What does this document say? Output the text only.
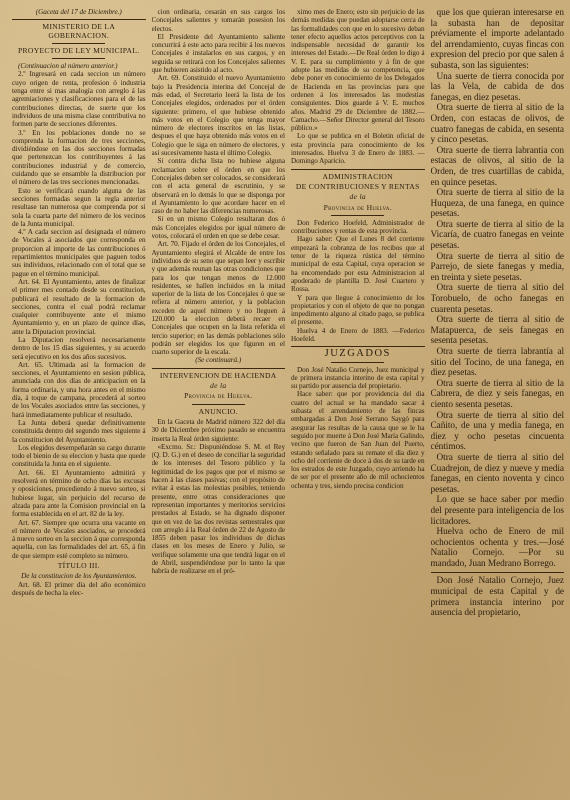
(Gaceta del 17 de Diciembre.)
MINISTERIO DE LA GOBERNACION.
PROYECTO DE LEY MUNICIPAL.

(Continuacion al número anterior.)

2.º Ingresará en cada seccion un número cuyo origen de renta, profesion ó industria tenga entre si mas analogía con arreglo á las agremiaciones y clasificaciones para el de las contribuciones directas, de suerte que los individuos de una misma clase contributiva no formen parte de secciones diferentes.

3.º En los poblaciones donde no se comprenda la formacion de tres secciones, dividiéndose en las dos secciones formadas que pertenezcan los contribuyentes á las contribuciones industrial y de comercio, cuidando que se ensamble la distribucion por el número de las tres secciones mencionadas.

Esto se verificará cuando alguna de las secciones formadas segun la regla anterior resultase tan numerosa que comprenda por si sola la cuarta parte del número de los vecinos de la Junta municipal.

4.º A cada seccion así designada el número de Vocales á asociados que corresponda en proporcion al importe de las contribuciones ó repartimientos municipales que paguen todos sus individuos, relacionado con el total que se pague en el término municipal.

Art. 64. El Ayuntamiento, antes de finalizar el primer mes contado desde su constitucion, publicará el resultado de la formacion de secciones, contra el cual podrá reclamar cualquier contribuyente ante el mismo Ayuntamiento y, en un plazo de quince días, ante la Diputacion provincial.

La Diputacion resolverá necesariamente dentro de los 15 días siguientes, y su acuerdo será ejecutivo en los dos años sucesivos.

Art. 65. Ultimada así la formacion de secciones, el Ayuntamiento en sesion pública, anunciada con dos días de anticipacion en la forma ordinaria, y una hora antes en el mismo día, á toque de campana, procederá al sorteo de los Vocales asociados entre las secciones, y hará inmediatamente publicar el resultado.

La Junta deberá quedar definitivamente constituida dentro del segundo mes siguiente á la constitucion del Ayuntamiento.

Los elegidos desempeñarán su cargo durante todo el bienio de su eleccion y hasta que quede constituida la Junta en el siguiente.

Art. 66. El Ayuntamiento admitirá y resolverá en término de ocho días las excusas y oposiciones, procediendo á nuevo sorteo, si hubiese lugar, sin perjuicio del recurso de alzada para ante la Comision provincial en la forma establecida en el art. 82 de la ley.

Art. 67. Siempre que ocurra una vacante en el número de Vocales asociados, se procederá á nuevo sorteo en la seccion á que corresponda aquella, con las formalidades del art. 65, á fin de que siempre esté completo su número.

TÍTULO III.

De la constitucion de los Ayuntamientos.

Art. 68. El primer día del año económico después de hecha la elec-

cion ordinaria, cesarán en sus cargos los Concejales salientes y tomarán posesion los electos.

El Presidente del Ayuntamiento saliente concurrirá á este acto para recibir á los nuevos Concejales é instalarlos en sus cargos, y en seguida se retirará con los Concejales salientes que hubieren asistido al acto.

Art. 69. Constituido el nuevo Ayuntamiento bajo la Presidencia interina del Concejal de más edad, el Secretario leerá la lista de los Concejales elegidos, ordenados por el órden siguiente: primero, el que hubiese obtenido más votos en el Colegio que tenga mayor número de electores inscritos en las listas, despues el que haya obtenido más votos en el Colegio que le siga en número de electores, y así sucesivamente hasta el último Colegio.

Si contra dicha lista no hubiese alguna reclamacion sobre el órden en que los Concejales deben ser colocados, se considerará con el acta general de escrutinio, y se observará en lo demás lo que se disponga por el Ayuntamiento lo que acordare hacer en el caso de no haber las diferencias numerosas.

Si en un mismo Colegio resultaran dos ó más Concejales elegidos por igual número de votos, colocará el orden en que se debe cesar.

Art. 70. Fijado el órden de los Concejales, el Ayuntamiento elegirá el Alcalde de entre los individuos de su seno que sepan leer y escribir y que además reunan las otras condiciones que para los que tengan menos de 12.000 residentes, se hallen incluidos en la mitad superior de la lista de los Concejales ó que se refiera al número anterior, y la poblacion exceden de aquel número y no lleguen á 120.000 la eleccion deberá recaer en Concejales que ocupen en la lista referida el tercio superior; en las demás poblaciones sólo podrán ser elegidos los que figuren en el cuarto superior de la escala.

(Se continuará.)

INTERVENCION DE HACIENDA
de la
Provincia de Huelva.
ANUNCIO.

En la Gaceta de Madrid número 322 del día 30 de Diciembre próximo pasado se encuentra inserta la Real órden siguiente:

«Excmo. Sr.: Dispuniéndose S. M. el Rey (Q. D. G.) en el deseo de conciliar la seguridad de los intereses del Tesoro público y la legitimidad de los pagos que por el mismo se hacen á las clases pasivas; con el propósito de evitar á estas las molestias posibles, teniendo presente, entre otras consideraciones que representan importantes y meritorios servicios prestados al Estado, se ha dignado disponer que en vez de las dos revistas semestrales que con arreglo á la Real órden de 22 de Agosto de 1855 deben pasar los individuos de dichas clases en los meses de Enero y Julio, se verifique solamente una que tendrá lugar en el de Abril, suspendiéndose por lo tanto la que habría de realizarse en el pró-

ximo mes de Enero; esto sin perjuicio de las demás medidas que puedan adoptarse cerca de las formalidades con que en lo sucesivo deban tener efecto aquellos actos perceptivos con la indispensable necesidad de garantir los intereses del Estado.—De Real órden lo digo á V. E. para su cumplimiento y á fin de que adopte las medidas de su competencia, que debe poner en conocimiento de los Delegados de Hacienda en las provincias para que ordenen á los interesados las modestias consiguientes. Dios guarde á V. E. muchos años. Madrid 29 de Diciembre de 1882.—Camacho.—Señor Director general del Tesoro público.»

Lo que se publica en el Boletin oficial de esta provincia para conocimiento de los interesados. Huelva 3 de Enero de 1883. —Domingo Aparicio.

ADMINISTRACION
DE CONTRIBUCIONES Y RENTAS
de la
Provincia de Huelva.

Don Federico Hoefeld, Administrador de contribuciones y rentas de esta provincia.

Hago saber: Que el Lunes 8 del corriente empezará la cobranza de los recibos que al tenor de la riqueza rústica del término municipal de esta Capital, cuya operacion se ha encomendado por esta Administracion al apoderado de plantilla D. José Cuartero y Rossa.

Y para que llegue á conocimiento de los propietarios y con el objeto de que no pongan impedimento alguno al citado pago, se publica el presente.

Huelva 4 de Enero de 1883. —Federico Hoefeld.

JUZGADOS

Don José Natalio Cornejo, Juez municipal y de primera instancia interino de esta capital y su partido por ausencia del propietario.

Hace saber: que por providencia del dia cuatro del actual se ha mandado sacar á subasta el arrendamiento de las fincas embargadas á Don José Serrano Saygó para asegurar las resultas de la causa que se le ha seguido por muerte á Don José María Galindo, vecino que fueron de San Juan del Puerto, estando señalado para su remate el dia diez y ocho del corriente de doce á dos de su tarde en los estrados de este Juzgado, cuyo arriendo ha de ser por el presente año de mil ochocientos ochenta y tres, siendo precisa condicion

que los que quieran interesarse en la subasta han de depositar préviamente el importe adelantado del arrendamiento, cuyas fincas con expresion del precio por que salen á subasta, son las siguientes:

Una suerte de tierra conocida por las la Vela, de cabida de dos fanegas, en diez pesetas.

Otra suerte de tierra al sitio de la Orden, con estacas de olivos, de cuatro fanegas de cabida, en sesenta y cinco pesetas.

Otra suerte de tierra labrantia con estacas de olivos, al sitio de la Orden, de tres cuartillas de cabida, en quince pesetas.

Otra suerte de tierra al sitio de la Huqueza, de una fanega, en quince pesetas.

Otra suerte de tierra al sitio de la Vicaría, de cuatro fanegas en veinte pesetas.

Otra suerte de tierra al sitio de Parrejo, de siete fanegas y media, en treinta y siete pesetas.

Otra suerte de tierra al sitio del Torobuelo, de ocho fanegas en cuarenta pesetas.

Otra suerte de tierra al sitio de Matapuerca, de seis fanegas en sesenta pesetas.

Otra suerte de tierra labrantía al sitio del Tocino, de una fanega, en diez pesetas.

Otra suerte de tierra al sitio de la Cabrera, de diez y seis fanegas, en ciento sesenta pesetas.

Otra suerte de tierra al sitio del Cañito, de una y media fanega, en diez y ocho pesetas cincuenta céntimos.

Otra suerte de tierra al sitio del Cuadrejon, de diez y nueve y media fanegas, en ciento noventa y cinco pesetas.

Lo que se hace saber por medio del presente para inteligencia de los licitadores.

Huelva ocho de Enero de mil ochocientos ochenta y tres.—José Natalio Cornejo. —Por su mandado, Juan Medrano Borrego.

Don José Natalio Cornejo, Juez municipal de esta Capital y de primera instancia interino por ausencia del propietario,
